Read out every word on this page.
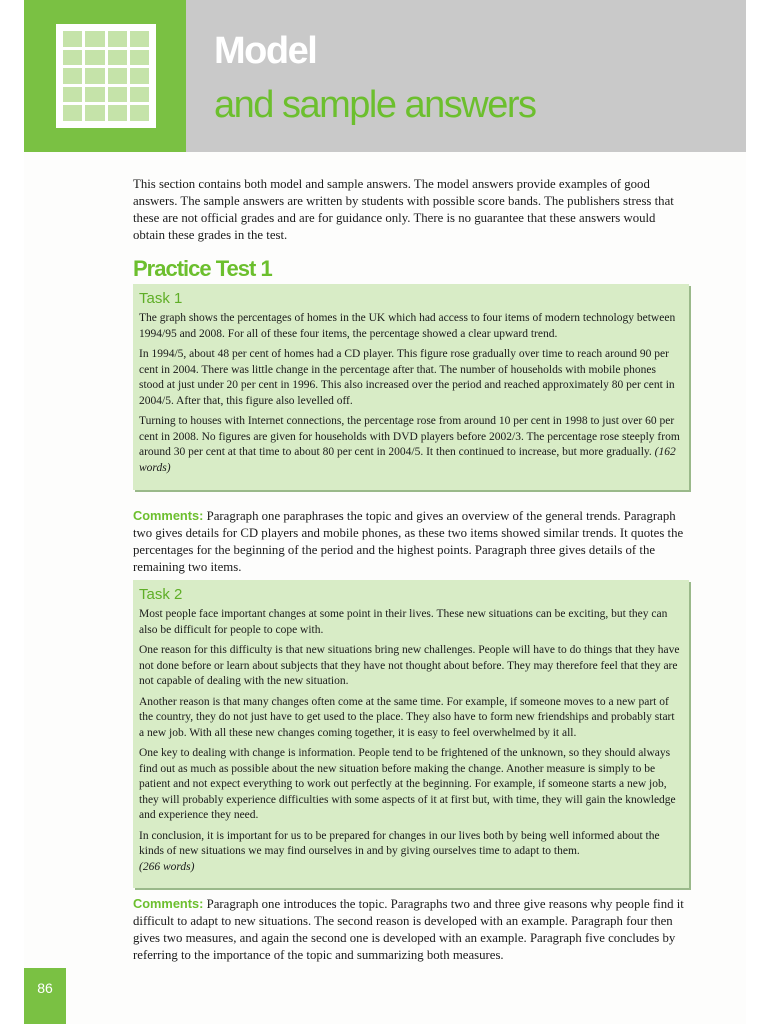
Model
and sample answers

This section contains both model and sample answers. The model answers provide examples of good answers. The sample answers are written by students with possible score bands. The publishers stress that these are not official grades and are for guidance only. There is no guarantee that these answers would obtain these grades in the test.

Practice Test 1
Task 1

The graph shows the percentages of homes in the UK which had access to four items of modern technology between 1994/95 and 2008. For all of these four items, the percentage showed a clear upward trend.

In 1994/5, about 48 per cent of homes had a CD player. This figure rose gradually over time to reach around 90 per cent in 2004. There was little change in the percentage after that. The number of households with mobile phones stood at just under 20 per cent in 1996. This also increased over the period and reached approximately 80 per cent in 2004/5. After that, this figure also levelled off.

Turning to houses with Internet connections, the percentage rose from around 10 per cent in 1998 to just over 60 per cent in 2008. No figures are given for households with DVD players before 2002/3. The percentage rose steeply from around 30 per cent at that time to about 80 per cent in 2004/5. It then continued to increase, but more gradually. (162 words)

Comments: Paragraph one paraphrases the topic and gives an overview of the general trends. Paragraph two gives details for CD players and mobile phones, as these two items showed similar trends. It quotes the percentages for the beginning of the period and the highest points. Paragraph three gives details of the remaining two items.

Task 2

Most people face important changes at some point in their lives. These new situations can be exciting, but they can also be difficult for people to cope with.

One reason for this difficulty is that new situations bring new challenges. People will have to do things that they have not done before or learn about subjects that they have not thought about before. They may therefore feel that they are not capable of dealing with the new situation.

Another reason is that many changes often come at the same time. For example, if someone moves to a new part of the country, they do not just have to get used to the place. They also have to form new friendships and probably start a new job. With all these new changes coming together, it is easy to feel overwhelmed by it all.

One key to dealing with change is information. People tend to be frightened of the unknown, so they should always find out as much as possible about the new situation before making the change. Another measure is simply to be patient and not expect everything to work out perfectly at the beginning. For example, if someone starts a new job, they will probably experience difficulties with some aspects of it at first but, with time, they will gain the knowledge and experience they need.

In conclusion, it is important for us to be prepared for changes in our lives both by being well informed about the kinds of new situations we may find ourselves in and by giving ourselves time to adapt to them.
(266 words)

Comments: Paragraph one introduces the topic. Paragraphs two and three give reasons why people find it difficult to adapt to new situations. The second reason is developed with an example. Paragraph four then gives two measures, and again the second one is developed with an example. Paragraph five concludes by referring to the importance of the topic and summarizing both measures.

86
